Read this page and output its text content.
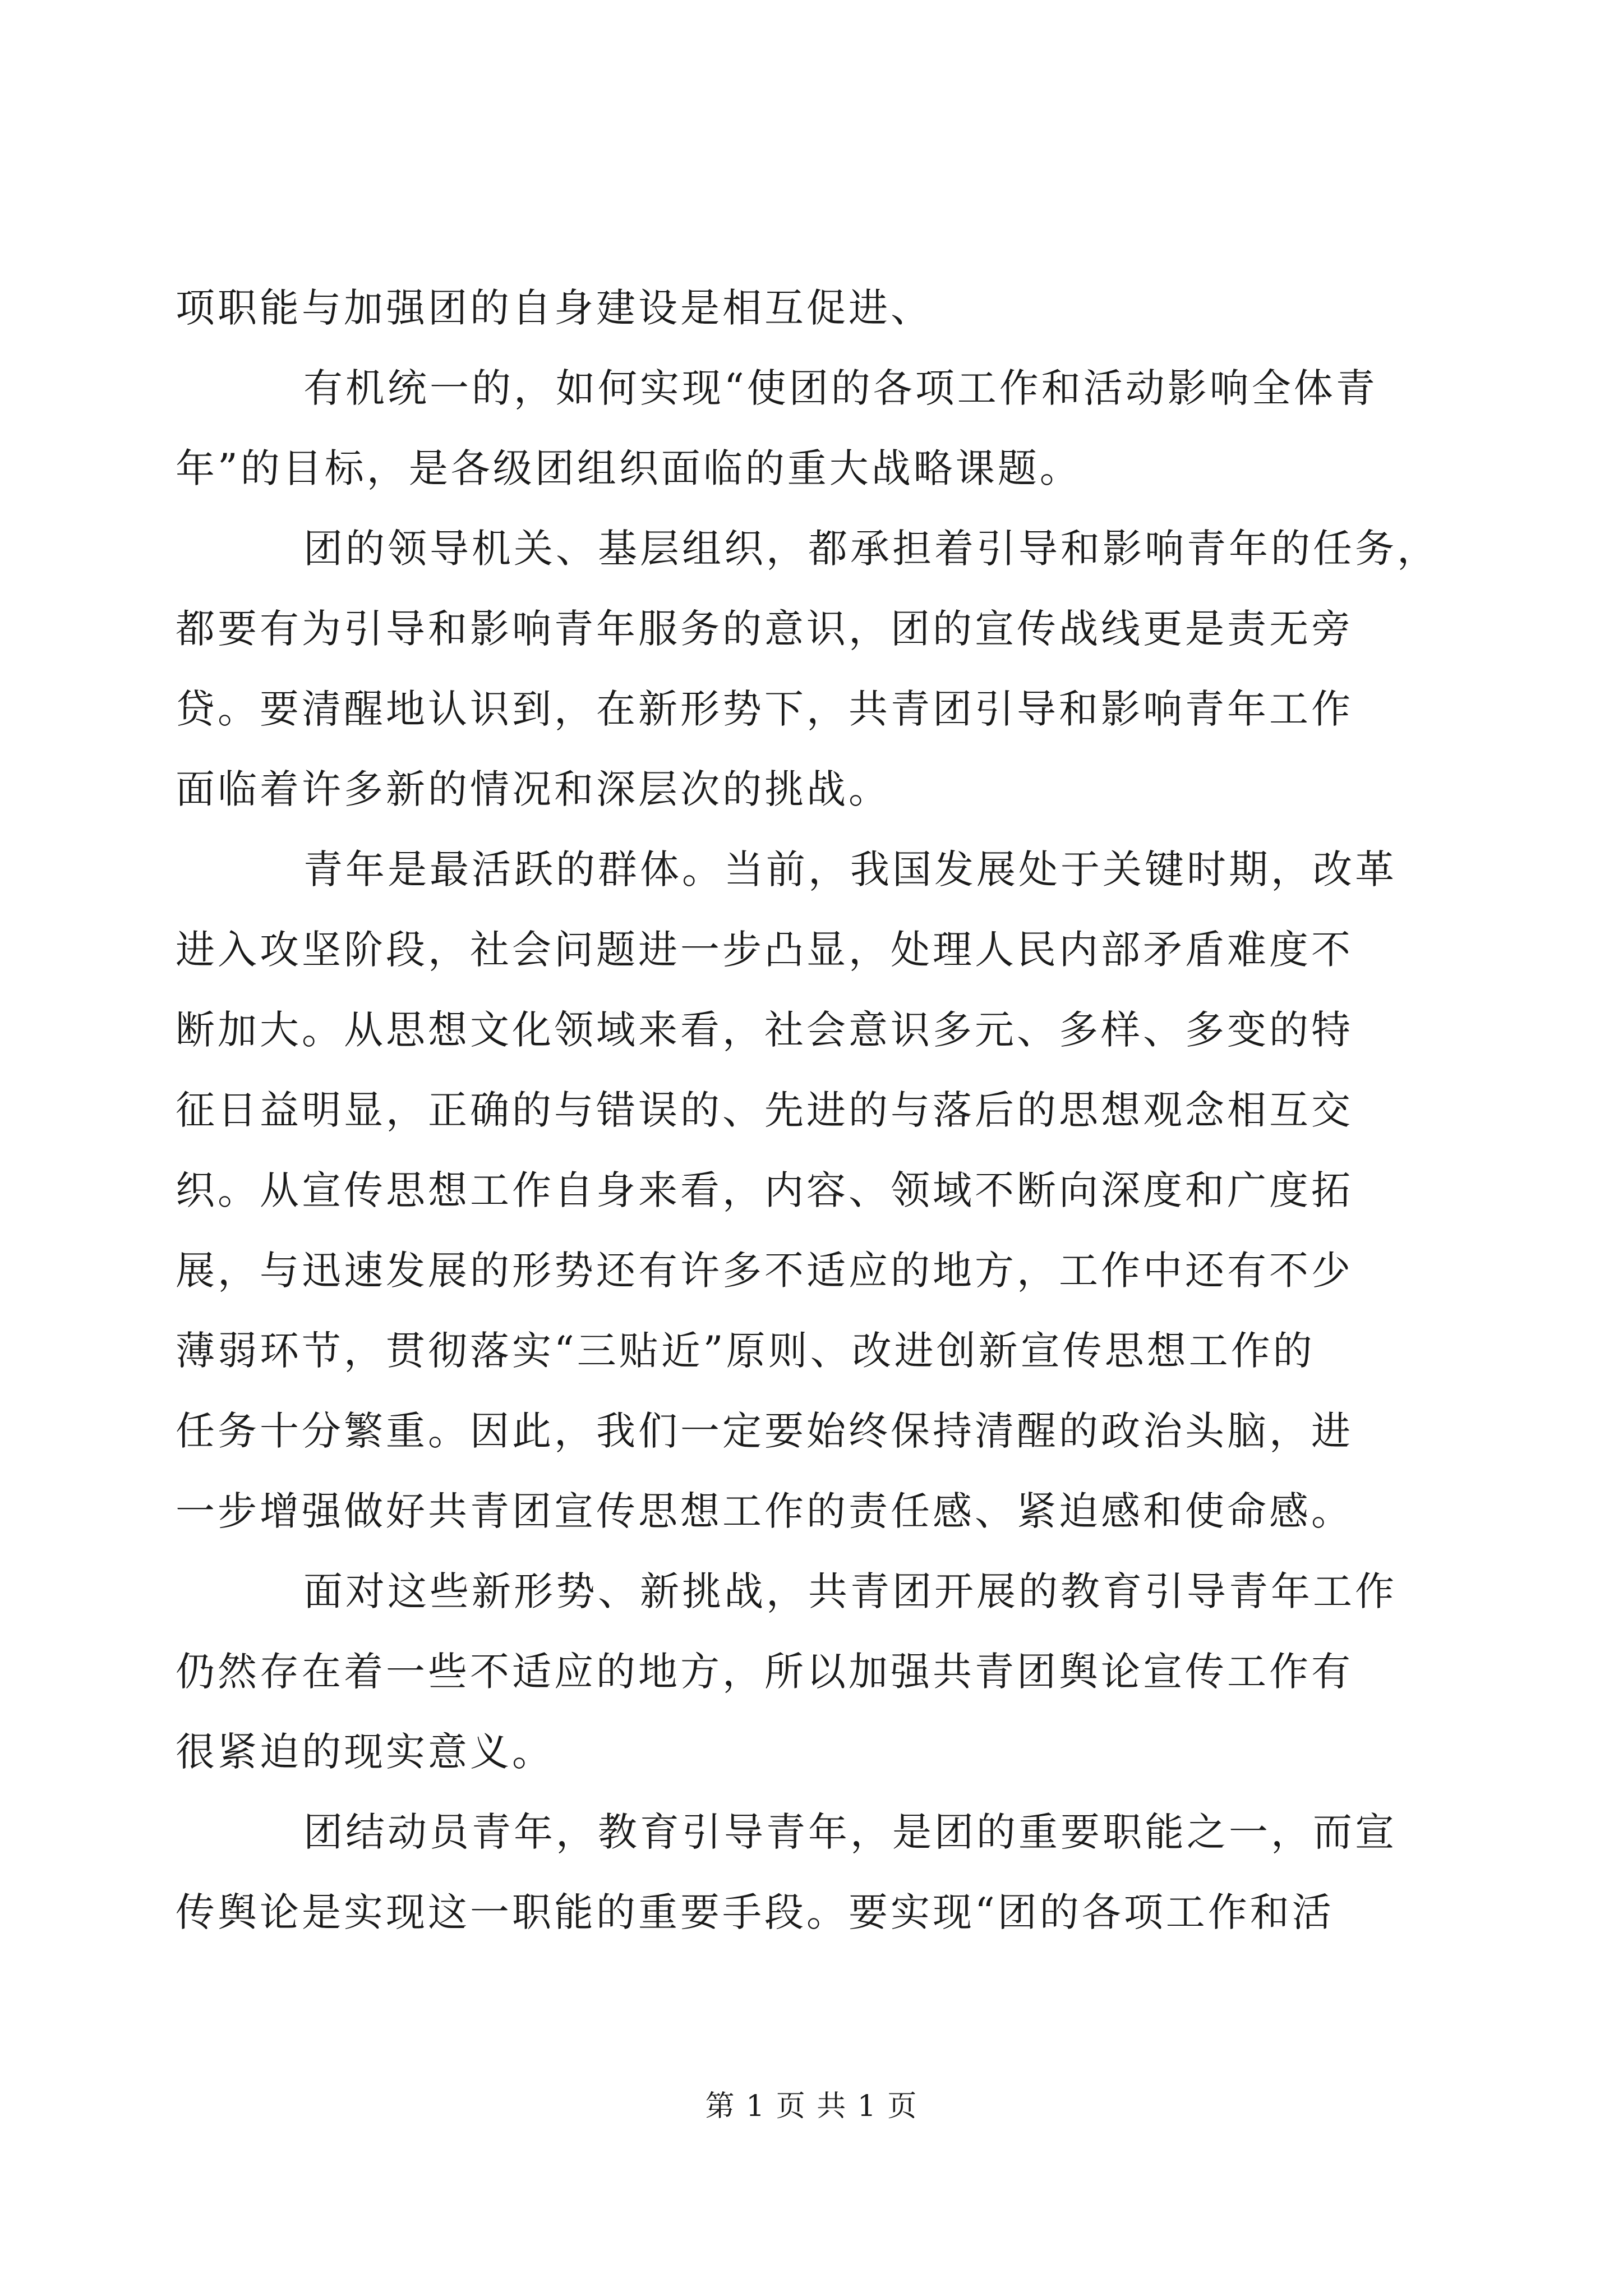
项职能与加强团的自身建设是相互促进、
有机统一的，如何实现“使团的各项工作和活动影响全体青
年”的目标，是各级团组织面临的重大战略课题。
团的领导机关、基层组织，都承担着引导和影响青年的任务，
都要有为引导和影响青年服务的意识，团的宣传战线更是责无旁
贷。要清醒地认识到，在新形势下，共青团引导和影响青年工作
面临着许多新的情况和深层次的挑战。
青年是最活跃的群体。当前，我国发展处于关键时期，改革
进入攻坚阶段，社会问题进一步凸显，处理人民内部矛盾难度不
断加大。从思想文化领域来看，社会意识多元、多样、多变的特
征日益明显，正确的与错误的、先进的与落后的思想观念相互交
织。从宣传思想工作自身来看，内容、领域不断向深度和广度拓
展，与迅速发展的形势还有许多不适应的地方，工作中还有不少
薄弱环节，贯彻落实“三贴近”原则、改进创新宣传思想工作的
任务十分繁重。因此，我们一定要始终保持清醒的政治头脑，进
一步增强做好共青团宣传思想工作的责任感、紧迫感和使命感。
面对这些新形势、新挑战，共青团开展的教育引导青年工作
仍然存在着一些不适应的地方，所以加强共青团舆论宣传工作有
很紧迫的现实意义。
团结动员青年，教育引导青年，是团的重要职能之一，而宣
传舆论是实现这一职能的重要手段。要实现“团的各项工作和活
第 1 页 共 1 页
